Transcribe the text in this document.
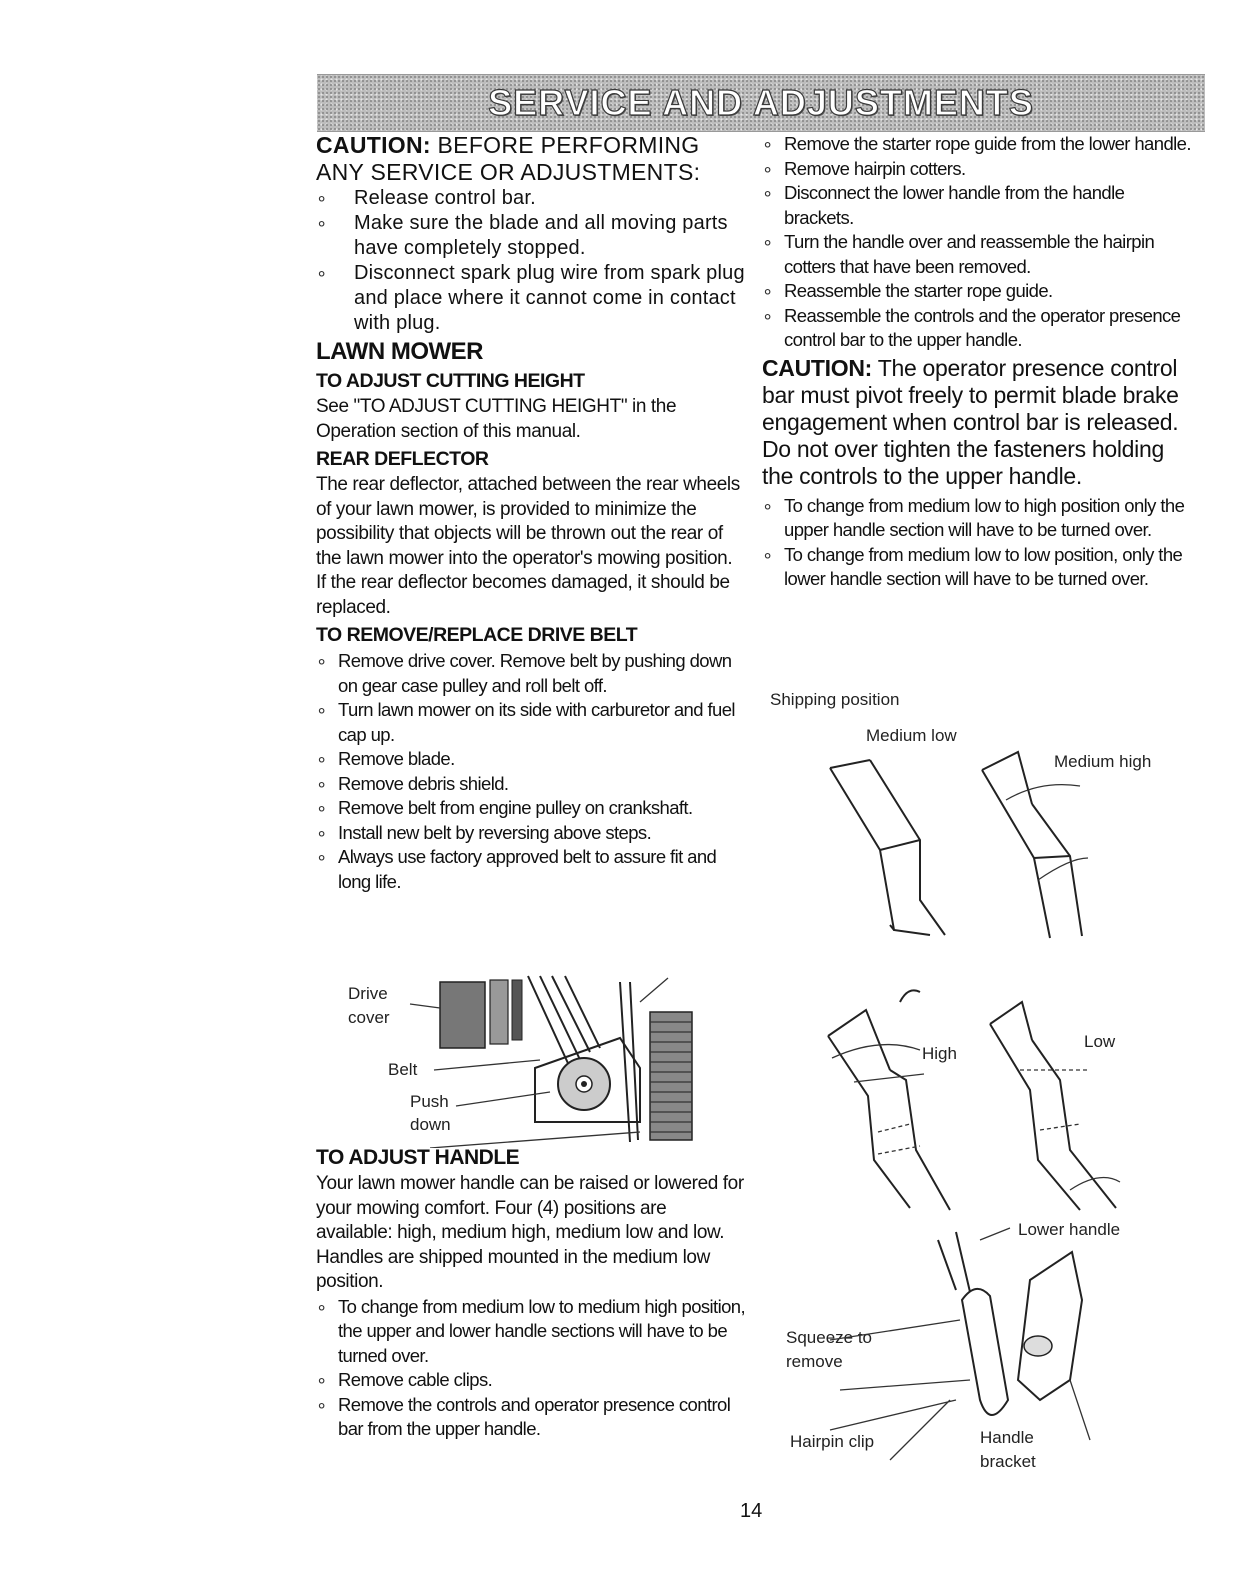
SERVICE AND ADJUSTMENTS

CAUTION: BEFORE PERFORMING
ANY SERVICE OR ADJUSTMENTS:

∘ Release control bar.
∘ Make sure the blade and all moving parts have completely stopped.
∘ Disconnect spark plug wire from spark plug and place where it cannot come in contact with plug.
LAWN MOWER
TO ADJUST CUTTING HEIGHT

See "TO ADJUST CUTTING HEIGHT" in the Operation section of this manual.

REAR DEFLECTOR

The rear deflector, attached between the rear wheels of your lawn mower, is provided to minimize the possibility that objects will be thrown out the rear of the lawn mower into the operator's mowing position. If the rear deflector becomes damaged, it should be replaced.

TO REMOVE/REPLACE DRIVE BELT
∘ Remove drive cover. Remove belt by pushing down on gear case pulley and roll belt off.
∘ Turn lawn mower on its side with carburetor and fuel cap up.
∘ Remove blade.
∘ Remove debris shield.
∘ Remove belt from engine pulley on crankshaft.
∘ Install new belt by reversing above steps.
∘ Always use factory approved belt to assure fit and long life.
Drive
cover
Belt
Push
down
TO ADJUST HANDLE

Your lawn mower handle can be raised or lowered for your mowing comfort. Four (4) positions are available: high, medium high, medium low and low. Handles are shipped mounted in the medium low position.

∘ To change from medium low to medium high position, the upper and lower handle sections will have to be turned over.
∘ Remove cable clips.
∘ Remove the controls and operator presence control bar from the upper handle.
∘ Remove the starter rope guide from the lower handle.
∘ Remove hairpin cotters.
∘ Disconnect the lower handle from the handle brackets.
∘ Turn the handle over and reassemble the hairpin cotters that have been removed.
∘ Reassemble the starter rope guide.
∘ Reassemble the controls and the operator presence control bar to the upper handle.

CAUTION: The operator presence control bar must pivot freely to permit blade brake engagement when control bar is released. Do not over tighten the fasteners holding the controls to the upper handle.

∘ To change from medium low to high position only the upper handle section will have to be turned over.
∘ To change from medium low to low position, only the lower handle section will have to be turned over.
Shipping position
Medium low
Medium high
High
Low
Lower handle
Squeeze to
remove
Hairpin clip	Handle
bracket
14
